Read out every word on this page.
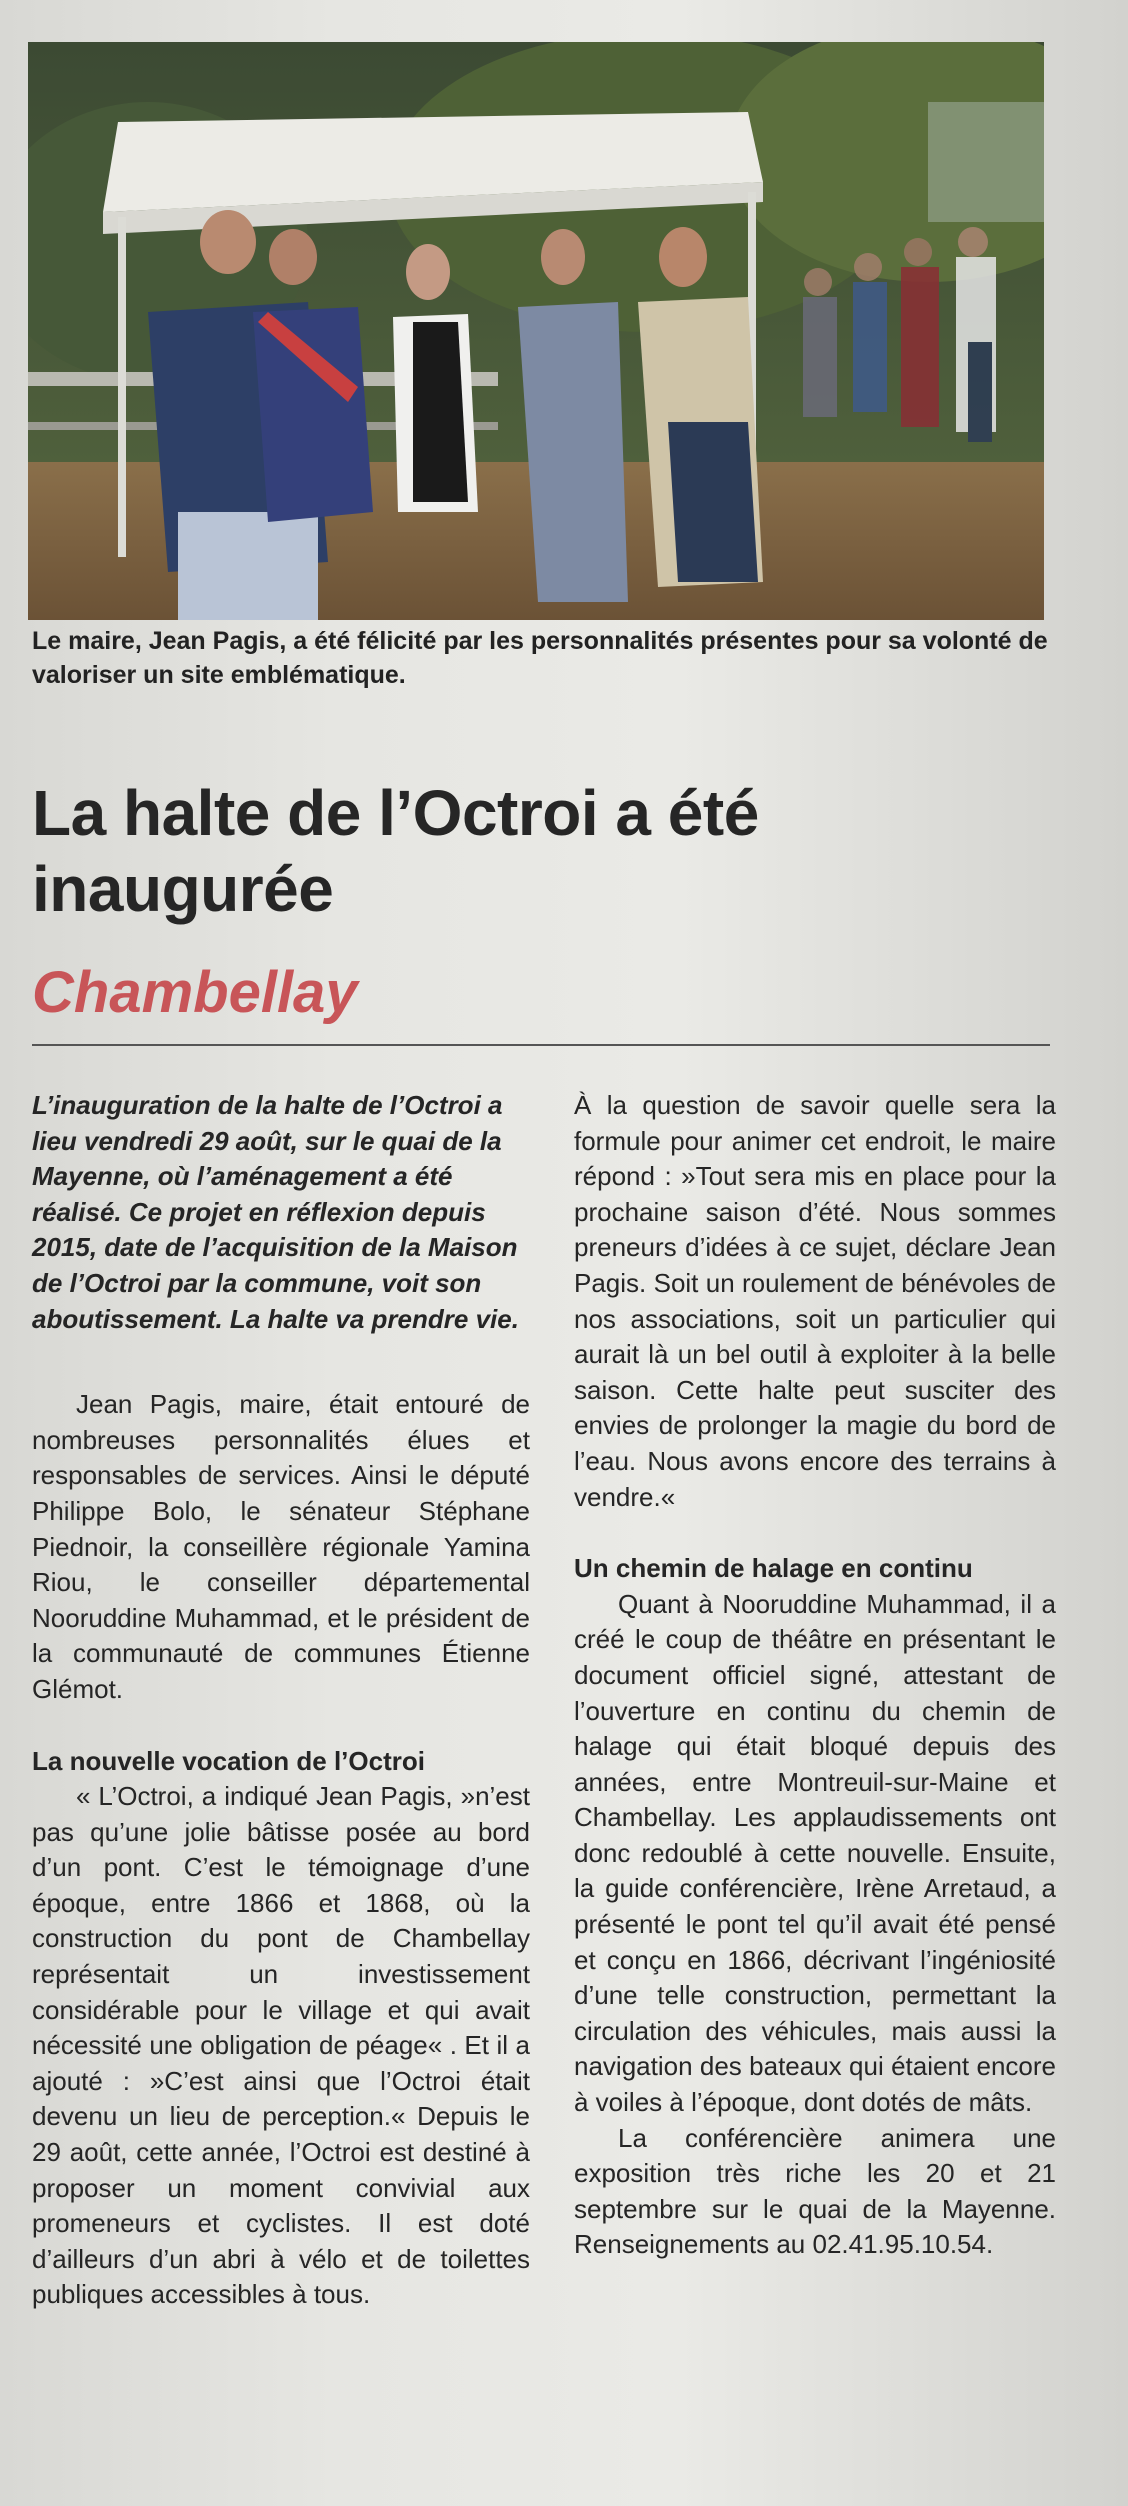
Le maire, Jean Pagis, a été félicité par les personnalités présentes pour sa volonté de valoriser un site emblématique.

La halte de l’Octroi a été inaugurée
Chambellay

L’inauguration de la halte de l’Octroi a lieu vendredi 29 août, sur le quai de la Mayenne, où l’aménagement a été réalisé. Ce projet en réflexion depuis 2015, date de l’acquisition de la Maison de l’Octroi par la commune, voit son aboutissement. La halte va prendre vie.

Jean Pagis, maire, était entouré de nombreuses personnalités élues et responsables de services. Ainsi le député Philippe Bolo, le sénateur Stéphane Piednoir, la conseillère régionale Yamina Riou, le conseiller départemental Nooruddine Muhammad, et le président de la communauté de communes Étienne Glémot.

La nouvelle vocation de l’Octroi

« L’Octroi, a indiqué Jean Pagis, »n’est pas qu’une jolie bâtisse posée au bord d’un pont. C’est le témoignage d’une époque, entre 1866 et 1868, où la construction du pont de Chambellay représentait un investissement considérable pour le village et qui avait nécessité une obligation de péage« . Et il a ajouté : »C’est ainsi que l’Octroi était devenu un lieu de perception.« Depuis le 29 août, cette année, l’Octroi est destiné à proposer un moment convivial aux promeneurs et cyclistes. Il est doté d’ailleurs d’un abri à vélo et de toilettes publiques accessibles à tous.

À la question de savoir quelle sera la formule pour animer cet endroit, le maire répond : »Tout sera mis en place pour la prochaine saison d’été. Nous sommes preneurs d’idées à ce sujet, déclare Jean Pagis. Soit un roulement de bénévoles de nos associations, soit un particulier qui aurait là un bel outil à exploiter à la belle saison. Cette halte peut susciter des envies de prolonger la magie du bord de l’eau. Nous avons encore des terrains à vendre.«

Un chemin de halage en continu

Quant à Nooruddine Muhammad, il a créé le coup de théâtre en présentant le document officiel signé, attestant de l’ouverture en continu du chemin de halage qui était bloqué depuis des années, entre Montreuil-sur-Maine et Chambellay. Les applaudissements ont donc redoublé à cette nouvelle. Ensuite, la guide conférencière, Irène Arretaud, a présenté le pont tel qu’il avait été pensé et conçu en 1866, décrivant l’ingéniosité d’une telle construction, permettant la circulation des véhicules, mais aussi la navigation des bateaux qui étaient encore à voiles à l’époque, dont dotés de mâts.

La conférencière animera une exposition très riche les 20 et 21 septembre sur le quai de la Mayenne. Renseignements au 02.41.95.10.54.
